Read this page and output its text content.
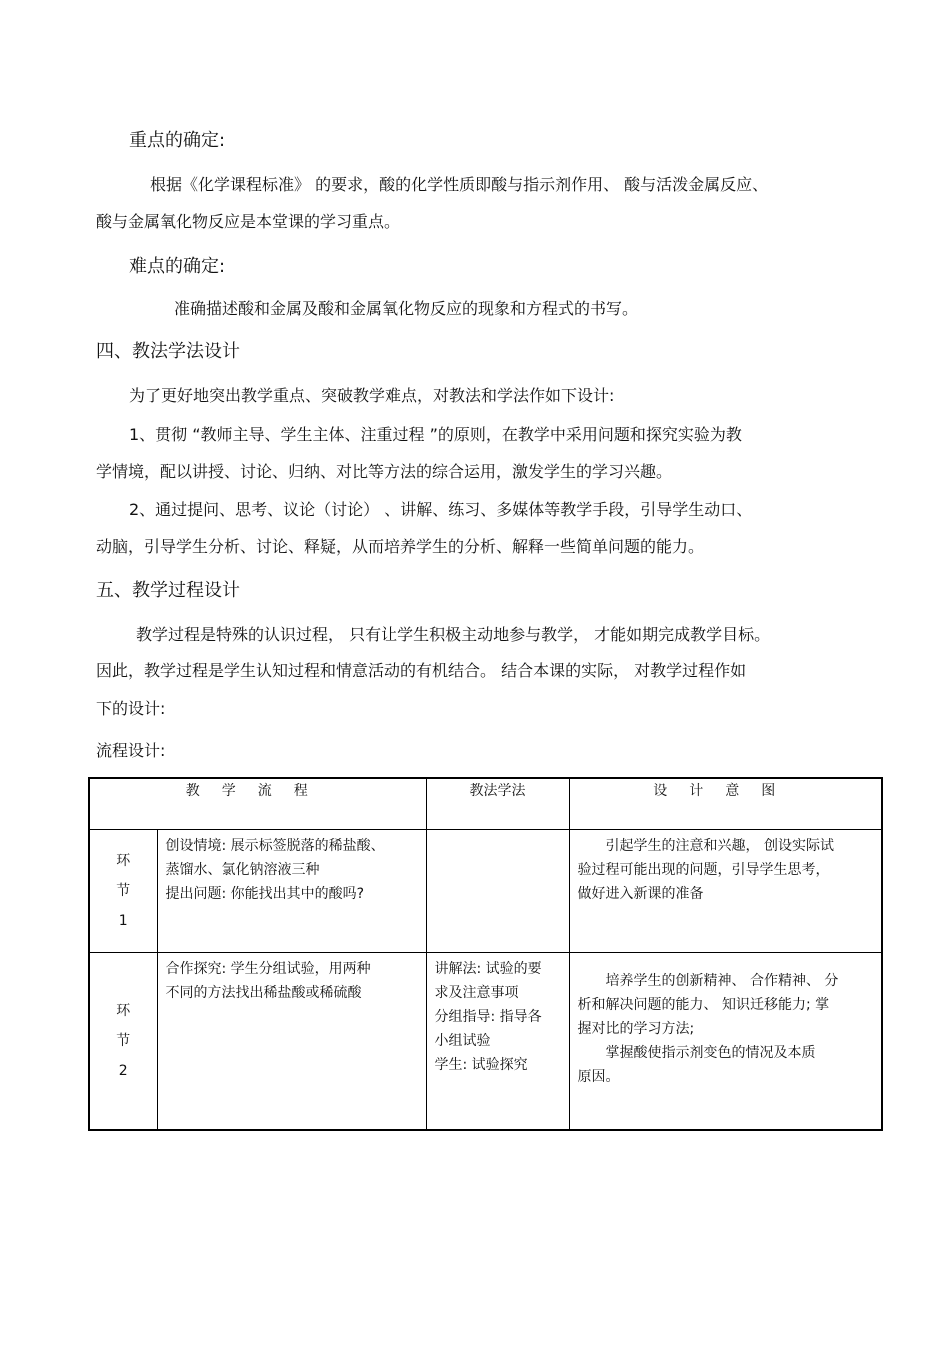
重点的确定:
根据《化学课程标准》 的要求，酸的化学性质即酸与指示剂作用、 酸与活泼金属反应、
酸与金属氧化物反应是本堂课的学习重点。
难点的确定:
准确描述酸和金属及酸和金属氧化物反应的现象和方程式的书写。
四、教法学法设计
为了更好地突出教学重点、突破教学难点，对教法和学法作如下设计:
1、贯彻 “教师主导、学生主体、注重过程 ”的原则，在教学中采用问题和探究实验为教
学情境，配以讲授、讨论、归纳、对比等方法的综合运用，激发学生的学习兴趣。
2、通过提问、思考、议论（讨论） 、讲解、练习、多媒体等教学手段，引导学生动口、
动脑，引导学生分析、讨论、释疑，从而培养学生的分析、解释一些简单问题的能力。
五、教学过程设计
教学过程是特殊的认识过程， 只有让学生积极主动地参与教学， 才能如期完成教学目标。
因此，教学过程是学生认知过程和情意活动的有机结合。 结合本课的实际， 对教学过程作如
下的设计:
流程设计:
教学流程		教法学法	设计意图

环
节
1	创设情境: 展示标签脱落的稀盐酸、
蒸馏水、氯化钠溶液三种
提出问题: 你能找出其中的酸吗?		引起学生的注意和兴趣， 创设实际试
验过程可能出现的问题，引导学生思考，
做好进入新课的准备

环
节
2	合作探究: 学生分组试验，用两种
不同的方法找出稀盐酸或稀硫酸	讲解法: 试验的要
求及注意事项
分组指导: 指导各
小组试验
学生: 试验探究	培养学生的创新精神、 合作精神、 分
析和解决问题的能力、 知识迁移能力; 掌
握对比的学习方法;
掌握酸使指示剂变色的情况及本质
原因。
